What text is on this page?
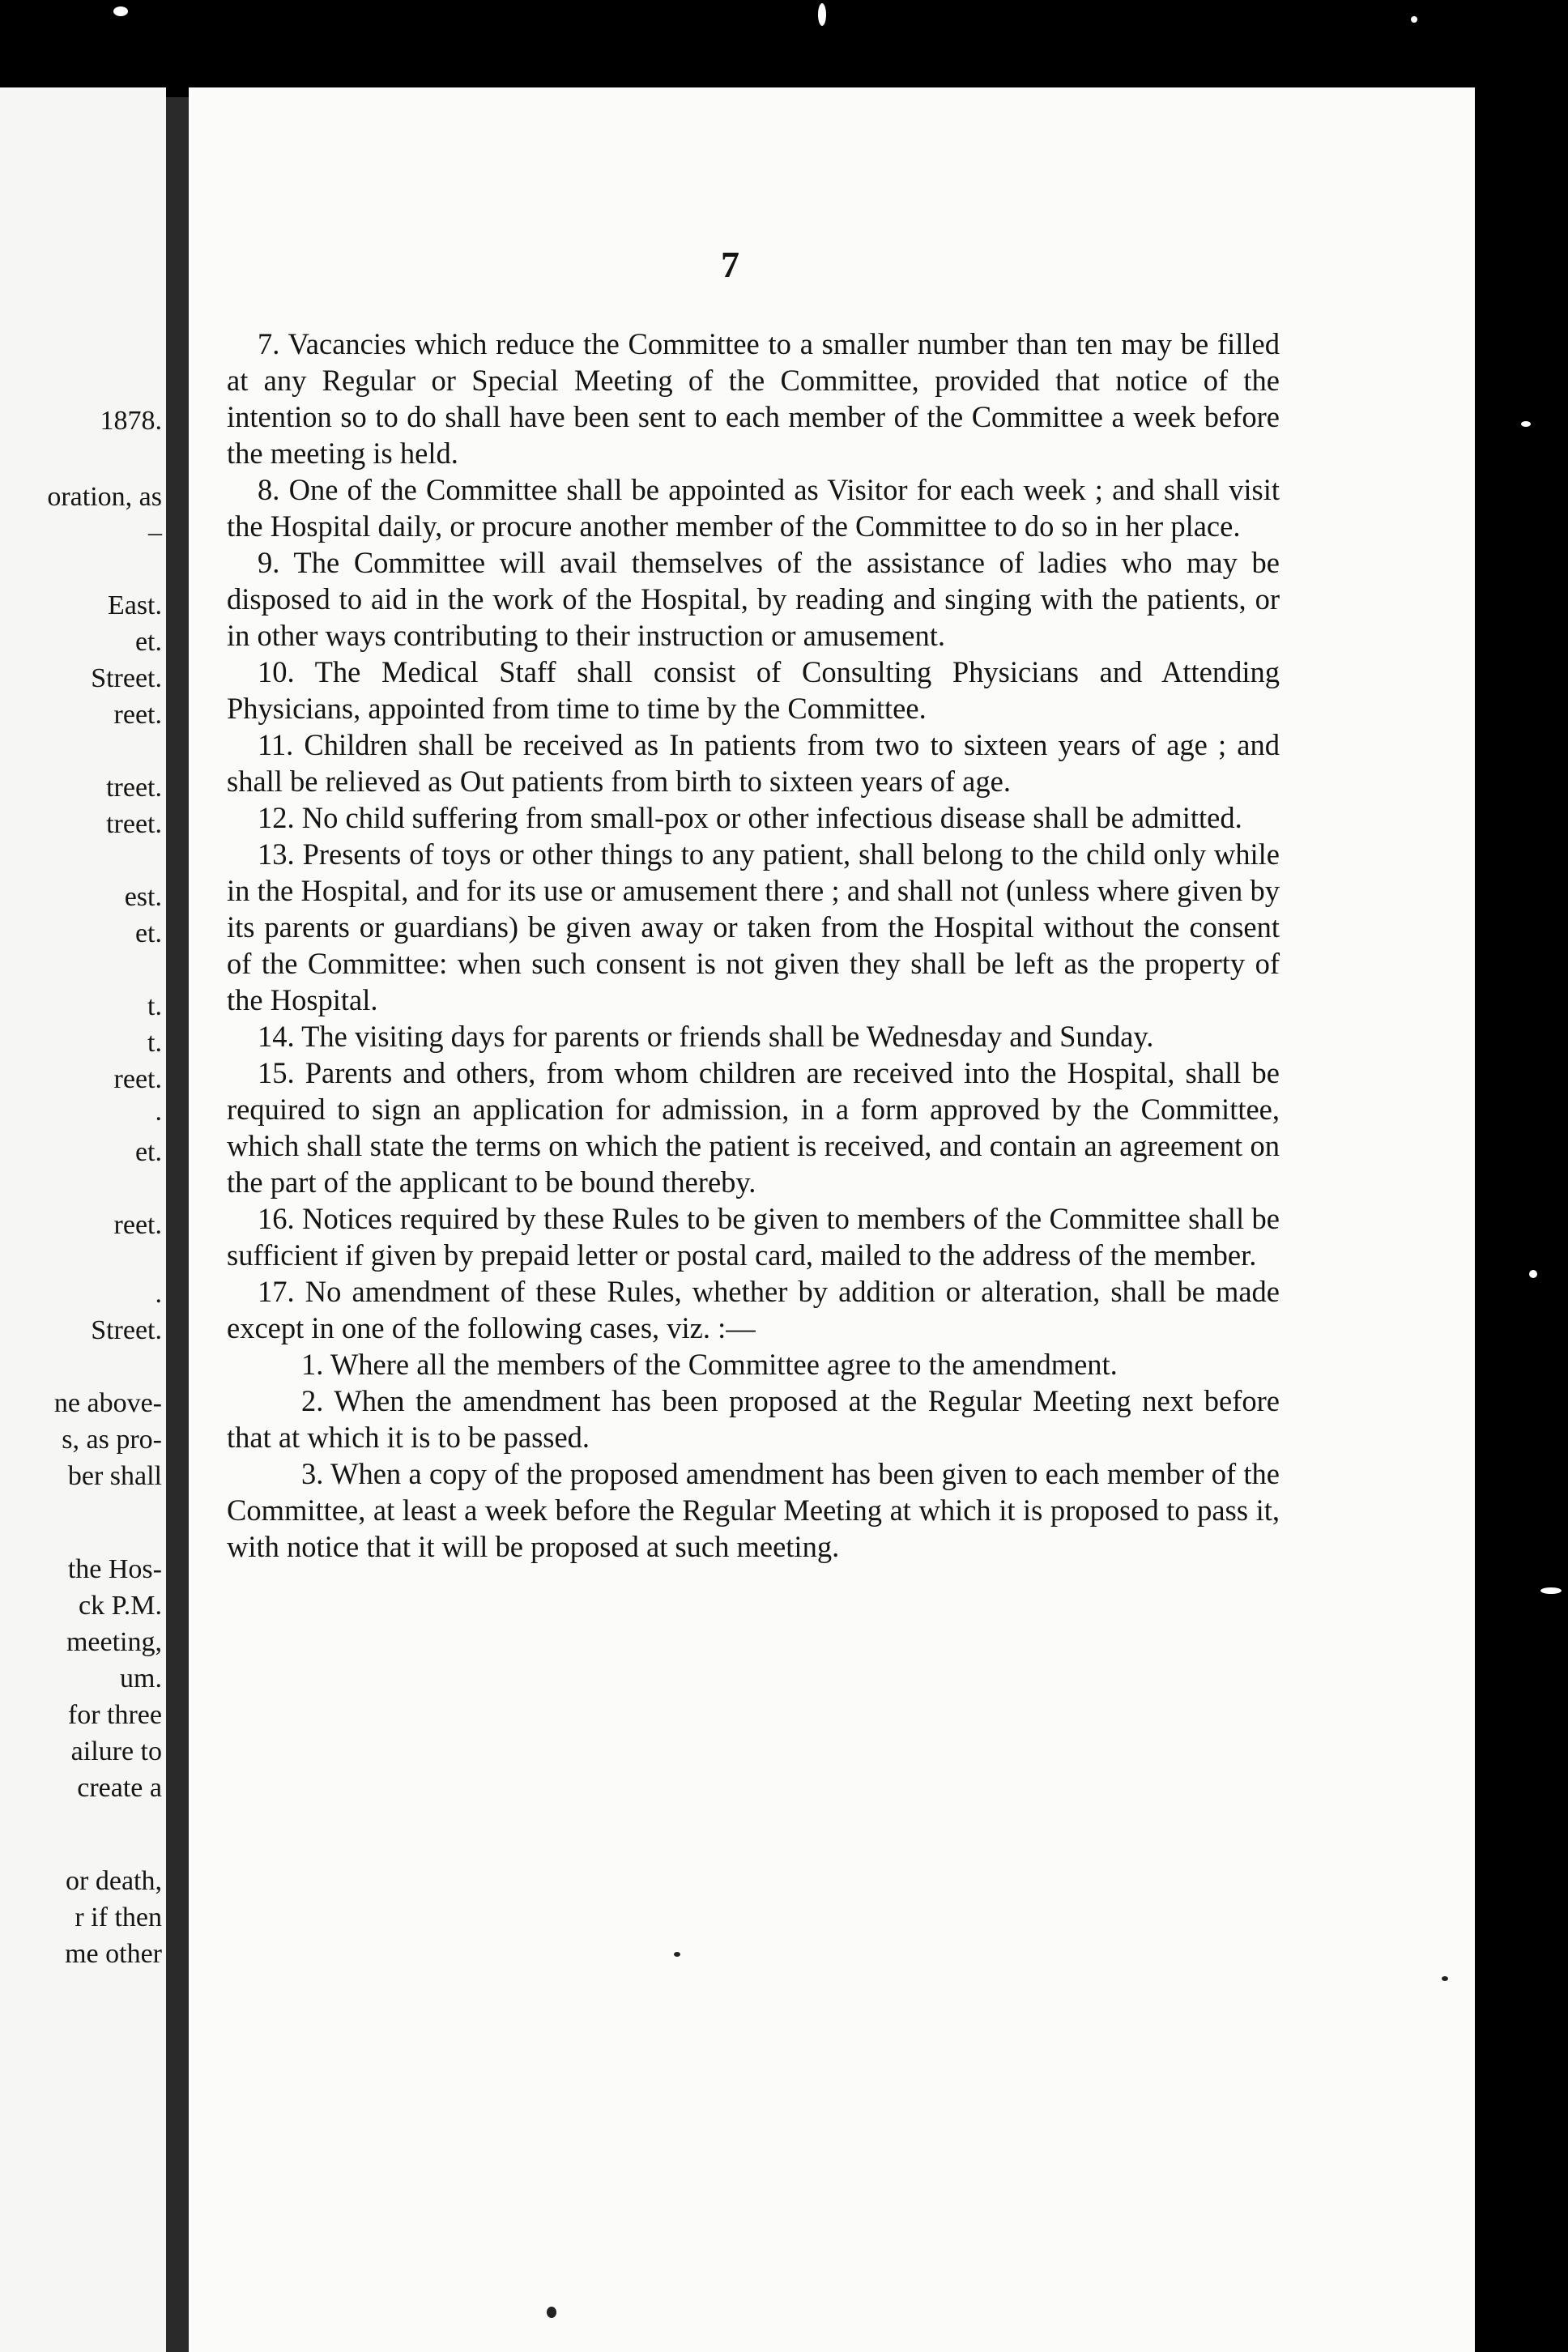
1878.
oration, as
–
East.
et.
Street.
reet.
treet.
treet.
est.
et.
t.
t.
reet.
.
et.
reet.
.
Street.
ne above-
s, as pro-
ber shall
the Hos-
ck P.M.
meeting,
um.
for three
ailure to
create a
or death,
r if then
me other
7

7. Vacancies which reduce the Committee to a smaller number than ten may be filled at any Regular or Special Meeting of the Committee, provided that notice of the intention so to do shall have been sent to each member of the Committee a week before the meeting is held.

8. One of the Committee shall be appointed as Visitor for each week ; and shall visit the Hospital daily, or procure another member of the Committee to do so in her place.

9. The Committee will avail themselves of the assistance of ladies who may be disposed to aid in the work of the Hospital, by reading and singing with the patients, or in other ways contributing to their instruction or amusement.

10. The Medical Staff shall consist of Consulting Physicians and Attending Physicians, appointed from time to time by the Committee.

11. Children shall be received as In patients from two to sixteen years of age ; and shall be relieved as Out patients from birth to sixteen years of age.

12. No child suffering from small-pox or other infectious disease shall be admitted.

13. Presents of toys or other things to any patient, shall belong to the child only while in the Hospital, and for its use or amusement there ; and shall not (unless where given by its parents or guardians) be given away or taken from the Hospital without the consent of the Committee: when such consent is not given they shall be left as the property of the Hospital.

14. The visiting days for parents or friends shall be Wednesday and Sunday.

15. Parents and others, from whom children are received into the Hospital, shall be required to sign an application for admission, in a form approved by the Committee, which shall state the terms on which the patient is received, and contain an agreement on the part of the applicant to be bound thereby.

16. Notices required by these Rules to be given to members of the Committee shall be sufficient if given by prepaid letter or postal card, mailed to the address of the member.

17. No amendment of these Rules, whether by addition or alteration, shall be made except in one of the following cases, viz. :—

1. Where all the members of the Committee agree to the amendment.

2. When the amendment has been proposed at the Regular Meeting next before that at which it is to be passed.

3. When a copy of the proposed amendment has been given to each member of the Committee, at least a week before the Regular Meeting at which it is proposed to pass it, with notice that it will be proposed at such meeting.
